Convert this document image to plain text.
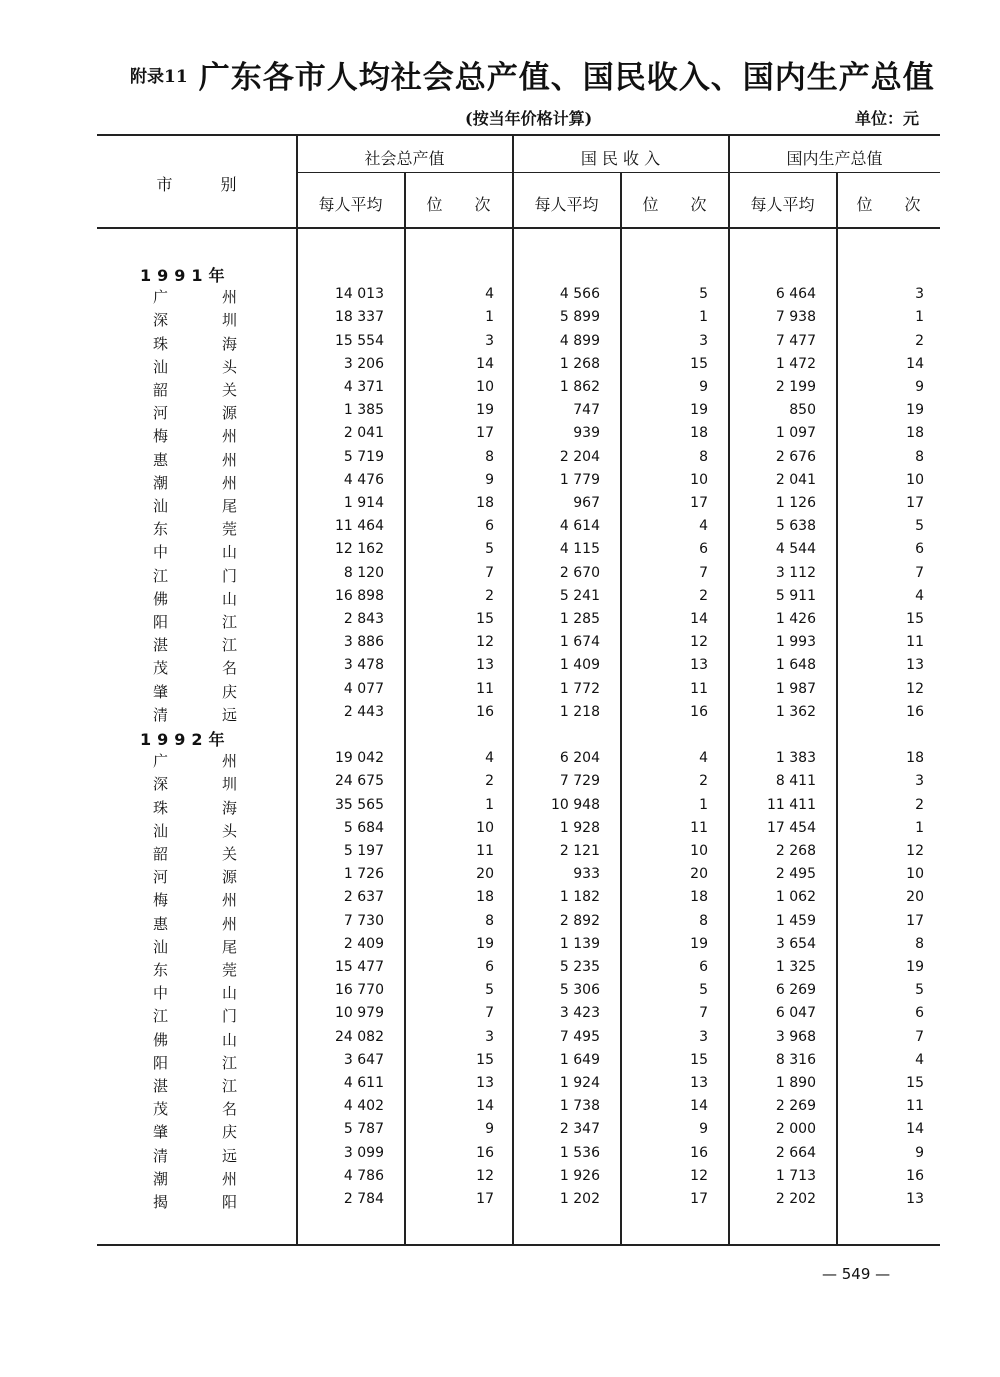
附录11 广东各市人均社会总产值、国民收入、国内生产总值
(按当年价格计算)	单位：元
市　　　别
社会总产值	国 民 收 入	国内生产总值
每人平均	位　　次	每人平均	位　　次	每人平均	位　　次
1991年
广	州	14 013	4	4 566	5	6 464	3
深	圳	18 337	1	5 899	1	7 938	1
珠	海	15 554	3	4 899	3	7 477	2
汕	头	3 206	14	1 268	15	1 472	14
韶	关	4 371	10	1 862	9	2 199	9
河	源	1 385	19	747	19	850	19
梅	州	2 041	17	939	18	1 097	18
惠	州	5 719	8	2 204	8	2 676	8
潮	州	4 476	9	1 779	10	2 041	10
汕	尾	1 914	18	967	17	1 126	17
东	莞	11 464	6	4 614	4	5 638	5
中	山	12 162	5	4 115	6	4 544	6
江	门	8 120	7	2 670	7	3 112	7
佛	山	16 898	2	5 241	2	5 911	4
阳	江	2 843	15	1 285	14	1 426	15
湛	江	3 886	12	1 674	12	1 993	11
茂	名	3 478	13	1 409	13	1 648	13
肇	庆	4 077	11	1 772	11	1 987	12
清	远	2 443	16	1 218	16	1 362	16
1992年
广	州	19 042	4	6 204	4	1 383	18
深	圳	24 675	2	7 729	2	8 411	3
珠	海	35 565	1	10 948	1	11 411	2
汕	头	5 684	10	1 928	11	17 454	1
韶	关	5 197	11	2 121	10	2 268	12
河	源	1 726	20	933	20	2 495	10
梅	州	2 637	18	1 182	18	1 062	20
惠	州	7 730	8	2 892	8	1 459	17
汕	尾	2 409	19	1 139	19	3 654	8
东	莞	15 477	6	5 235	6	1 325	19
中	山	16 770	5	5 306	5	6 269	5
江	门	10 979	7	3 423	7	6 047	6
佛	山	24 082	3	7 495	3	3 968	7
阳	江	3 647	15	1 649	15	8 316	4
湛	江	4 611	13	1 924	13	1 890	15
茂	名	4 402	14	1 738	14	2 269	11
肇	庆	5 787	9	2 347	9	2 000	14
清	远	3 099	16	1 536	16	2 664	9
潮	州	4 786	12	1 926	12	1 713	16
揭	阳	2 784	17	1 202	17	2 202	13
— 549 —
